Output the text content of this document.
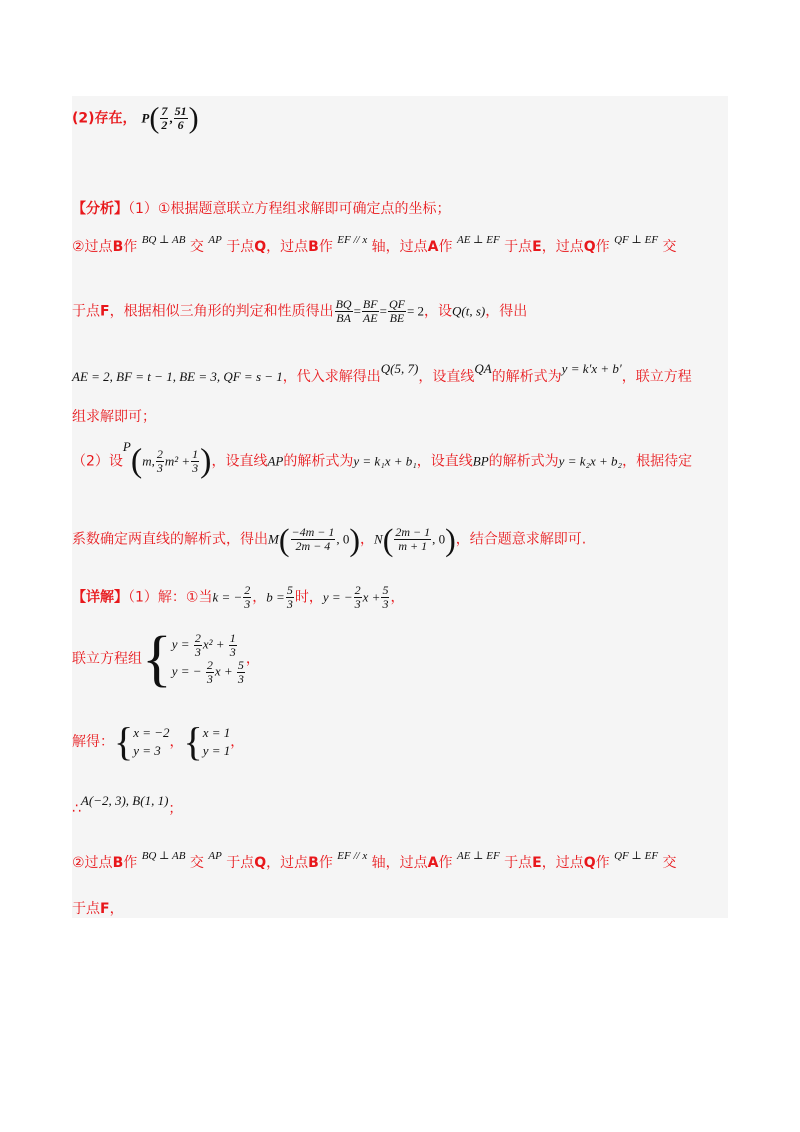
(2)存在， $P( \frac{7}{2}$ , $\frac{51}{6}$ )
【分析】（1）①根据题意联立方程组求解即可确定点的坐标；
②过点B作 $^{BQ \perp AB}$ 交 $^{AP}$ 于点Q，过点B作 $^{EF // x}$ 轴，过点A作 $^{AE \perp EF}$ 于点E，过点Q作 $^{QF \perp EF}$ 交
于点F，根据相似三角形的判定和性质得出 $\frac{BQ}{BA} = \frac{BF}{AE} = \frac{QF}{BE} = 2$，设Q(t, s)，得出
AE = 2, BF = t − 1, BE = 3, QF = s − 1，代入求解得出Q(5, 7)，设直线QA的解析式为y = k′x + b′，联立方程
组求解即可；
（2）设P(m, $\frac{2}{3} m^2 + \frac{1}{3}$ )，设直线AP的解析式为y = k₁x + b₁，设直线BP的解析式为y = k₂x + b₂，根据待定
系数确定两直线的解析式，得出$M( \frac{-4m - 1}{2m - 4}$ , 0)，$N( \frac{2m - 1}{m + 1}$ , 0)，结合题意求解即可.
【详解】（1）解：①当k = − $\frac{2}{3}$ ，$b = \frac{5}{3}$ 时，y = − $\frac{2}{3}$ $x + \frac{5}{3}$ ，
联立方程组 { $y = \frac{2}{3} x^2 + \frac{1}{3}$
y = − $\frac{2}{3}$ $x + \frac{5}{3}$ ，
解得： { x = −2
y = 3
， { x = 1
y = 1
，
∴A(−2, 3), B(1, 1)；
②过点B作 $^{BQ \perp AB}$ 交 $^{AP}$ 于点Q，过点B作 $^{EF // x}$ 轴，过点A作 $^{AE \perp EF}$ 于点E，过点Q作 $^{QF \perp EF}$ 交
于点F，
